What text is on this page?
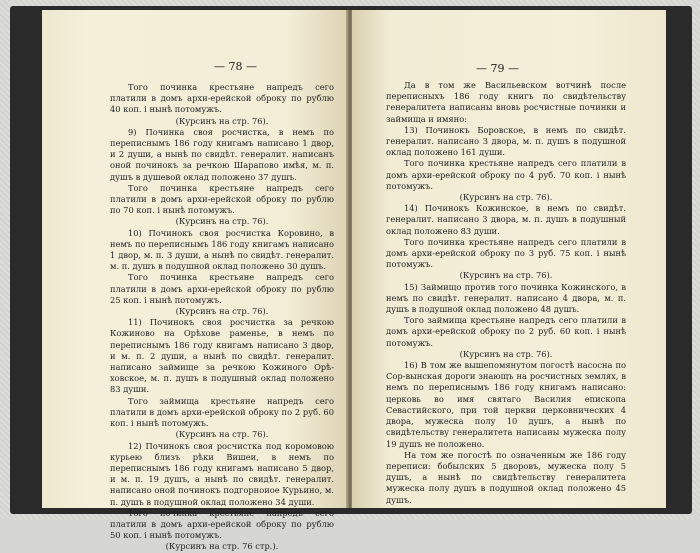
— 78 —

Того починка крестьяне напредъ сего платили в домъ архи-ерейской оброку по рублю 40 коп. і нынѣ потомужъ.

(Курсинъ на стр. 76).

9) Починка своя росчистка, в немъ по переписнымъ 186 году книгамъ написано 1 двор, и 2 души, а нынѣ по свидѣт. генералит. написанъ оной починокъ за речкою Шарапово имѣя, м. п. душъ в душевой оклад положено 37 душъ.

Того починка крестьяне напредъ сего платили в домъ архи-ерейской оброку по рублю по 70 коп. і нынѣ потомужъ.

(Курсинъ на стр. 76).

10) Починокъ своя росчистка Коровино, в немъ по переписнымъ 186 году книгамъ написано 1 двор, м. п. 3 души, а нынѣ по свидѣт. генералит. м. п. душъ в подушной оклад положено 30 душъ.

Того починка крестьяне напредъ сего платили в домъ архи-ерейской оброку по рублю 25 коп. і нынѣ потомужъ.

(Курсинъ на стр. 76).

11) Починокъ своя росчистка за речкою Кожиново на Орѣхове раменье, в немъ по переписнымъ 186 году книгамъ написано 3 двор, и м. п. 2 души, а нынѣ по свидѣт. генералит. написано займище за речкою Кожиного Орѣ-ховское, м. п. душъ в подушный оклад положено 83 души.

Того займища крестьяне напредъ сего платили в домъ архи-ерейской оброку по 2 руб. 60 коп. і нынѣ потомужъ.

(Курсинъ на стр. 76).

12) Починокъ своя росчистка под коромовою курьею близъ рѣки Вишеи, в немъ по переписнымъ 186 году книгамъ написано 5 двор, и м. п. 19 душъ, а нынѣ по свидѣт. генералит. написано оной починокъ подгорноиое Курьино, м. п. душъ в подушной оклад положено 34 души.

Того починка крестьяне напредъ сего платили в домъ архи-ерейской оброку по рублю 50 коп. і нынѣ потомужъ.

(Курсинъ на стр. 76 стр.).

— 79 —

Да в том же Васильевском вотчинѣ после переписныхъ 186 году книгъ по свидѣтельству генералитета написаны вновь росчистные починки и займища и имяно:

13) Починокъ Боровское, в немъ по свидѣт. генералит. написано 3 двора, м. п. душъ в подушной оклад положено 161 души.

Того починка крестьяне напредъ сего платили в домъ архи-ерейской оброку по 4 руб. 70 коп. і нынѣ потомужъ.

(Курсинъ на стр. 76).

14) Починокъ Кожинское, в немъ по свидѣт. генералит. написано 3 двора, м. п. душъ в подушный оклад положено 83 души.

Того починка крестьяне напредъ сего платили в домъ архи-ерейской оброку по 3 руб. 75 коп. і нынѣ потомужъ.

(Курсинъ на стр. 76).

15) Займищо против того починка Кожинского, в немъ по свидѣт. генералит. написано 4 двора, м. п. душъ в подушной оклад положено 48 душъ.

Того займища крестьяне напредъ сего платили в домъ архи-ерейской оброку по 2 руб. 60 коп. і нынѣ потомужъ.

(Курсинъ на стр. 76).

16) В том же вышепомянутом погостѣ насосна по Сор-вынская дороги знающъ на росчистных землях, в немъ по переписнымъ 186 году книгамъ написано: церковь во имя святаго Василия епископа Севастийского, при той церкви церковнических 4 двора, мужеска полу 10 душъ, а нынѣ по свидѣтельству генералитета написаны мужеска полу 19 душъ не положено.

На том же погостѣ по означенным же 186 году переписи: бобылских 5 дворовъ, мужеска полу 5 душъ, а нынѣ по свидѣтельству генералитета мужеска полу душъ в подушной оклад положено 45 душъ.
